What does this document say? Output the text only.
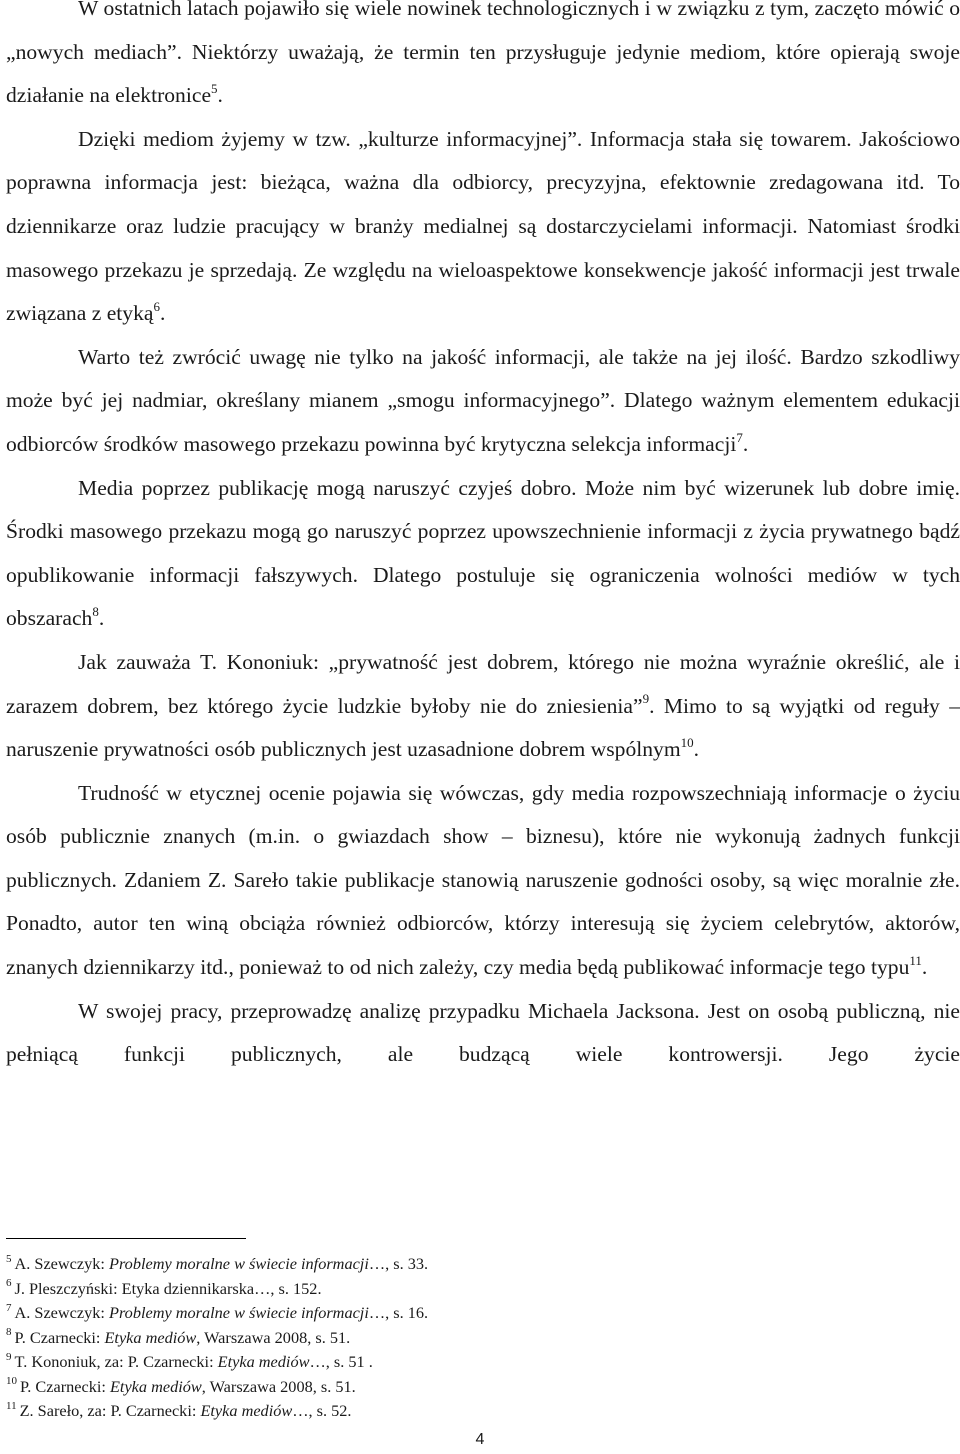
W ostatnich latach pojawiło się wiele nowinek technologicznych i w związku z tym, zaczęto mówić o „nowych mediach”. Niektórzy uważają, że termin ten przysługuje jedynie mediom, które opierają swoje działanie na elektronice$^5$.

Dzięki mediom żyjemy w tzw. „kulturze informacyjnej”. Informacja stała się towarem. Jakościowo poprawna informacja jest: bieżąca, ważna dla odbiorcy, precyzyjna, efektownie zredagowana itd. To dziennikarze oraz ludzie pracujący w branży medialnej są dostarczycielami informacji. Natomiast środki masowego przekazu je sprzedają. Ze względu na wieloaspektowe konsekwencje jakość informacji jest trwale związana z etyką$^6$.

Warto też zwrócić uwagę nie tylko na jakość informacji, ale także na jej ilość. Bardzo szkodliwy może być jej nadmiar, określany mianem „smogu informacyjnego”. Dlatego ważnym elementem edukacji odbiorców środków masowego przekazu powinna być krytyczna selekcja informacji$^7$.

Media poprzez publikację mogą naruszyć czyjeś dobro. Może nim być wizerunek lub dobre imię. Środki masowego przekazu mogą go naruszyć poprzez upowszechnienie informacji z życia prywatnego bądź opublikowanie informacji fałszywych. Dlatego postuluje się ograniczenia wolności mediów w tych obszarach$^8$.

Jak zauważa T. Kononiuk: „prywatność jest dobrem, którego nie można wyraźnie określić, ale i zarazem dobrem, bez którego życie ludzkie byłoby nie do zniesienia”$^9$. Mimo to są wyjątki od reguły – naruszenie prywatności osób publicznych jest uzasadnione dobrem wspólnym$^{10}$.

Trudność w etycznej ocenie pojawia się wówczas, gdy media rozpowszechniają informacje o życiu osób publicznie znanych (m.in. o gwiazdach show – biznesu), które nie wykonują żadnych funkcji publicznych. Zdaniem Z. Sareło takie publikacje stanowią naruszenie godności osoby, są więc moralnie złe. Ponadto, autor ten winą obciąża również odbiorców, którzy interesują się życiem celebrytów, aktorów, znanych dziennikarzy itd., ponieważ to od nich zależy, czy media będą publikować informacje tego typu$^{11}$.

W swojej pracy, przeprowadzę analizę przypadku Michaela Jacksona. Jest on osobą publiczną, nie pełniącą funkcji publicznych, ale budzącą wiele kontrowersji. Jego życie

$^5$ A. Szewczyk: Problemy moralne w świecie informacji…, s. 33.
$^6$ J. Pleszczyński: Etyka dziennikarska…, s. 152.
$^7$ A. Szewczyk: Problemy moralne w świecie informacji…, s. 16.
$^8$ P. Czarnecki: Etyka mediów, Warszawa 2008, s. 51.
$^9$ T. Kononiuk, za: P. Czarnecki: Etyka mediów…, s. 51 .
$^{10}$ P. Czarnecki: Etyka mediów, Warszawa 2008, s. 51.
$^{11}$ Z. Sareło, za: P. Czarnecki: Etyka mediów…, s. 52.
4
